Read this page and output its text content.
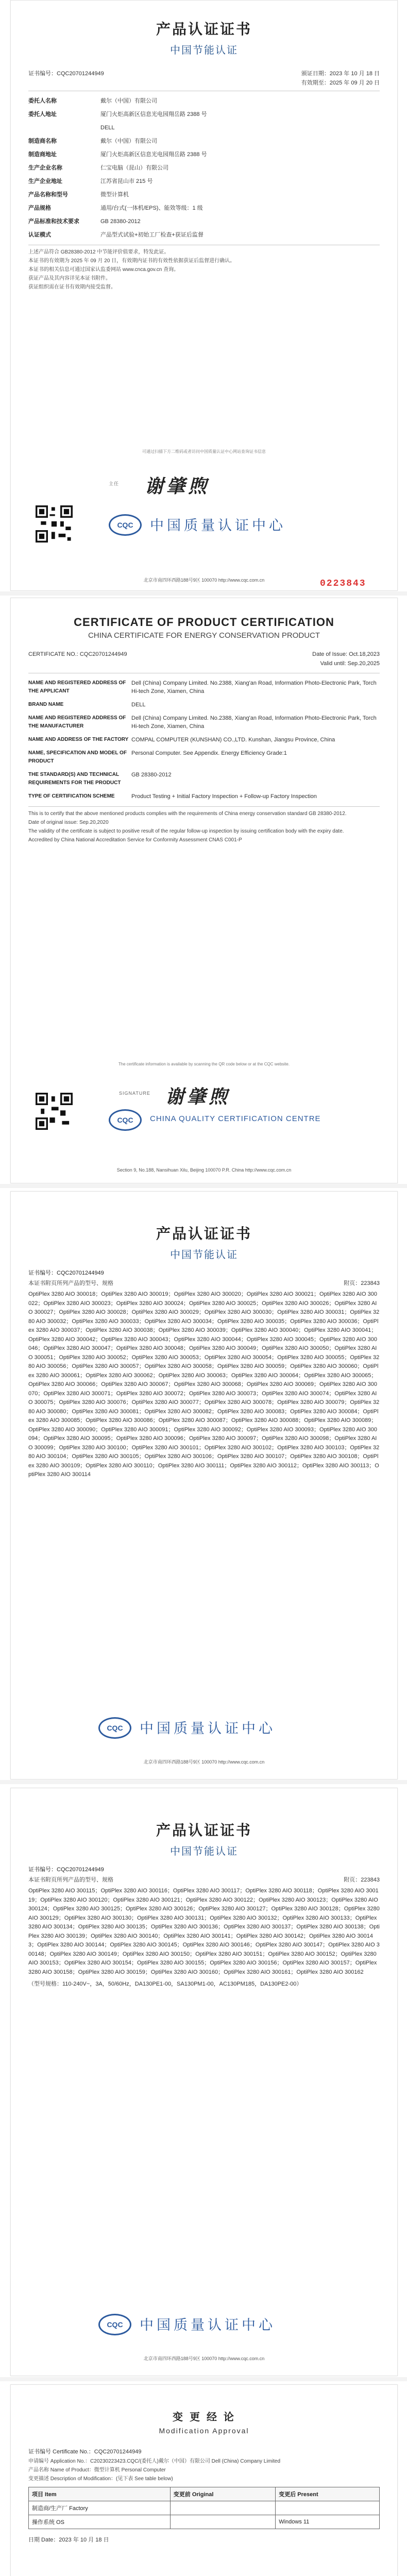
产品认证证书
中国节能认证
证书编号：CQC20701244949	颁证日期：2023 年 10 月 18 日
有效期至：2025 年 09 月 20 日
委托人名称	戴尔（中国）有限公司
委托人地址	厦门火炬高新区信息光电园翔岳路 2388 号
DELL
制造商名称	戴尔（中国）有限公司
制造商地址	厦门火炬高新区信息光电园翔岳路 2388 号
生产企业名称	仁宝电脑（昆山）有限公司
生产企业地址	江苏省昆山市 215 号
产品名称和型号	微型计算机
产品规格	通用/台式(一体机/EPS)、能效等级：1 级
产品标准和技术要求	GB 28380-2012
认证模式	产品型式试验+初始工厂检查+获证后监督
上述产品符合 GB28380-2012 中节能评价值要求，特发此证。
本证书的有效期为 2025 年 09 月 20 日，有效期内证书的有效性依据获证后监督进行确认。
本证书的相关信息可通过国家认监委网站 www.cnca.gov.cn 查询。
获证产品及其内容详见本证书附件。
获证组织需在证书有效期内接受监督。
可通过扫描下方二维码或者访问中国质量认证中心网站查询证书信息
主任 谢肇煦
CQC	中国质量认证中心
北京市南四环西路188号9区 100070 http://www.cqc.com.cn	0223843
CERTIFICATE OF PRODUCT CERTIFICATION
CHINA CERTIFICATE FOR ENERGY CONSERVATION PRODUCT
CERTIFICATE NO.: CQC20701244949	Date of Issue: Oct.18,2023
Valid until: Sep.20,2025
NAME AND REGISTERED ADDRESS OF THE APPLICANT
Dell (China) Company Limited. No.2388, Xiang'an Road, Information Photo-Electronic Park, Torch Hi-tech Zone, Xiamen, China
BRAND NAME	DELL
NAME AND REGISTERED ADDRESS OF THE MANUFACTURER
Dell (China) Company Limited. No.2388, Xiang'an Road, Information Photo-Electronic Park, Torch Hi-tech Zone, Xiamen, China
NAME AND ADDRESS OF THE FACTORY COMPAL COMPUTER (KUNSHAN) CO.,LTD. Kunshan, Jiangsu Province, China
NAME, SPECIFICATION AND MODEL OF PRODUCT
Personal Computer. See Appendix. Energy Efficiency Grade:1
THE STANDARD(S) AND TECHNICAL REQUIREMENTS FOR THE PRODUCT
GB 28380-2012
TYPE OF CERTIFICATION SCHEME	Product Testing + Initial Factory Inspection + Follow-up Factory Inspection
This is to certify that the above mentioned products complies with the requirements of China energy conservation standard GB 28380-2012.
Date of original issue: Sep.20,2020
The validity of the certificate is subject to positive result of the regular follow-up inspection by issuing certification body with the expiry date.
Accredited by China National Accreditation Service for Conformity Assessment CNAS C001-P
The certificate information is available by scanning the QR code below or at the CQC website.
SIGNATURE 谢肇煦
CQC	CHINA QUALITY CERTIFICATION CENTRE
Section 9, No.188, Nansihuan Xilu, Beijing 100070 P.R. China http://www.cqc.com.cn
产品认证证书
中国节能认证
证书编号：CQC20701244949
本证书附页所列产品的型号、规格	附页：223843
OptiPlex 3280 AIO 300018；OptiPlex 3280 AIO 300019；OptiPlex 3280 AIO 300020；OptiPlex 3280 AIO 300021；OptiPlex 3280 AIO 300022；OptiPlex 3280 AIO 300023；OptiPlex 3280 AIO 300024；OptiPlex 3280 AIO 300025；OptiPlex 3280 AIO 300026；OptiPlex 3280 AIO 300027；OptiPlex 3280 AIO 300028；OptiPlex 3280 AIO 300029；OptiPlex 3280 AIO 300030；OptiPlex 3280 AIO 300031；OptiPlex 3280 AIO 300032；OptiPlex 3280 AIO 300033；OptiPlex 3280 AIO 300034；OptiPlex 3280 AIO 300035；OptiPlex 3280 AIO 300036；OptiPlex 3280 AIO 300037；OptiPlex 3280 AIO 300038；OptiPlex 3280 AIO 300039；OptiPlex 3280 AIO 300040；OptiPlex 3280 AIO 300041；OptiPlex 3280 AIO 300042；OptiPlex 3280 AIO 300043；OptiPlex 3280 AIO 300044；OptiPlex 3280 AIO 300045；OptiPlex 3280 AIO 300046；OptiPlex 3280 AIO 300047；OptiPlex 3280 AIO 300048；OptiPlex 3280 AIO 300049；OptiPlex 3280 AIO 300050；OptiPlex 3280 AIO 300051；OptiPlex 3280 AIO 300052；OptiPlex 3280 AIO 300053；OptiPlex 3280 AIO 300054；OptiPlex 3280 AIO 300055；OptiPlex 3280 AIO 300056；OptiPlex 3280 AIO 300057；OptiPlex 3280 AIO 300058；OptiPlex 3280 AIO 300059；OptiPlex 3280 AIO 300060；OptiPlex 3280 AIO 300061；OptiPlex 3280 AIO 300062；OptiPlex 3280 AIO 300063；OptiPlex 3280 AIO 300064；OptiPlex 3280 AIO 300065；OptiPlex 3280 AIO 300066；OptiPlex 3280 AIO 300067；OptiPlex 3280 AIO 300068；OptiPlex 3280 AIO 300069；OptiPlex 3280 AIO 300070；OptiPlex 3280 AIO 300071；OptiPlex 3280 AIO 300072；OptiPlex 3280 AIO 300073；OptiPlex 3280 AIO 300074；OptiPlex 3280 AIO 300075；OptiPlex 3280 AIO 300076；OptiPlex 3280 AIO 300077；OptiPlex 3280 AIO 300078；OptiPlex 3280 AIO 300079；OptiPlex 3280 AIO 300080；OptiPlex 3280 AIO 300081；OptiPlex 3280 AIO 300082；OptiPlex 3280 AIO 300083；OptiPlex 3280 AIO 300084；OptiPlex 3280 AIO 300085；OptiPlex 3280 AIO 300086；OptiPlex 3280 AIO 300087；OptiPlex 3280 AIO 300088；OptiPlex 3280 AIO 300089；OptiPlex 3280 AIO 300090；OptiPlex 3280 AIO 300091；OptiPlex 3280 AIO 300092；OptiPlex 3280 AIO 300093；OptiPlex 3280 AIO 300094；OptiPlex 3280 AIO 300095；OptiPlex 3280 AIO 300096；OptiPlex 3280 AIO 300097；OptiPlex 3280 AIO 300098；OptiPlex 3280 AIO 300099；OptiPlex 3280 AIO 300100；OptiPlex 3280 AIO 300101；OptiPlex 3280 AIO 300102；OptiPlex 3280 AIO 300103；OptiPlex 3280 AIO 300104；OptiPlex 3280 AIO 300105；OptiPlex 3280 AIO 300106；OptiPlex 3280 AIO 300107；OptiPlex 3280 AIO 300108；OptiPlex 3280 AIO 300109；OptiPlex 3280 AIO 300110；OptiPlex 3280 AIO 300111；OptiPlex 3280 AIO 300112；OptiPlex 3280 AIO 300113；OptiPlex 3280 AIO 300114
CQC	中国质量认证中心
北京市南四环西路188号9区 100070 http://www.cqc.com.cn
产品认证证书
中国节能认证
证书编号：CQC20701244949
本证书附页所列产品的型号、规格	附页：223843
OptiPlex 3280 AIO 300115；OptiPlex 3280 AIO 300116；OptiPlex 3280 AIO 300117；OptiPlex 3280 AIO 300118；OptiPlex 3280 AIO 300119；OptiPlex 3280 AIO 300120；OptiPlex 3280 AIO 300121；OptiPlex 3280 AIO 300122；OptiPlex 3280 AIO 300123；OptiPlex 3280 AIO 300124；OptiPlex 3280 AIO 300125；OptiPlex 3280 AIO 300126；OptiPlex 3280 AIO 300127；OptiPlex 3280 AIO 300128；OptiPlex 3280 AIO 300129；OptiPlex 3280 AIO 300130；OptiPlex 3280 AIO 300131；OptiPlex 3280 AIO 300132；OptiPlex 3280 AIO 300133；OptiPlex 3280 AIO 300134；OptiPlex 3280 AIO 300135；OptiPlex 3280 AIO 300136；OptiPlex 3280 AIO 300137；OptiPlex 3280 AIO 300138；OptiPlex 3280 AIO 300139；OptiPlex 3280 AIO 300140；OptiPlex 3280 AIO 300141；OptiPlex 3280 AIO 300142；OptiPlex 3280 AIO 300143；OptiPlex 3280 AIO 300144；OptiPlex 3280 AIO 300145；OptiPlex 3280 AIO 300146；OptiPlex 3280 AIO 300147；OptiPlex 3280 AIO 300148；OptiPlex 3280 AIO 300149；OptiPlex 3280 AIO 300150；OptiPlex 3280 AIO 300151；OptiPlex 3280 AIO 300152；OptiPlex 3280 AIO 300153；OptiPlex 3280 AIO 300154；OptiPlex 3280 AIO 300155；OptiPlex 3280 AIO 300156；OptiPlex 3280 AIO 300157；OptiPlex 3280 AIO 300158；OptiPlex 3280 AIO 300159；OptiPlex 3280 AIO 300160；OptiPlex 3280 AIO 300161；OptiPlex 3280 AIO 300162
（型号规格：110-240V~，3A，50/60Hz，DA130PE1-00，SA130PM1-00，AC130PM185，DA130PE2-00）
CQC	中国质量认证中心
北京市南四环西路188号9区 100070 http://www.cqc.com.cn
变 更 经 论
Modification Approval
证书编号 Certificate No.：CQC20701244949
申请编号 Application No.：C20230223423.CQC/(委托人)戴尔（中国）有限公司 Dell (China) Company Limited
产品名称 Name of Product：微型计算机 Personal Computer
变更描述 Description of Modification：(见下表 See table below)
项目 Item	变更前 Original	变更后 Present
制造商/生产厂 Factory		
操作系统 OS		Windows 11
日期 Date：2023 年 10 月 18 日
